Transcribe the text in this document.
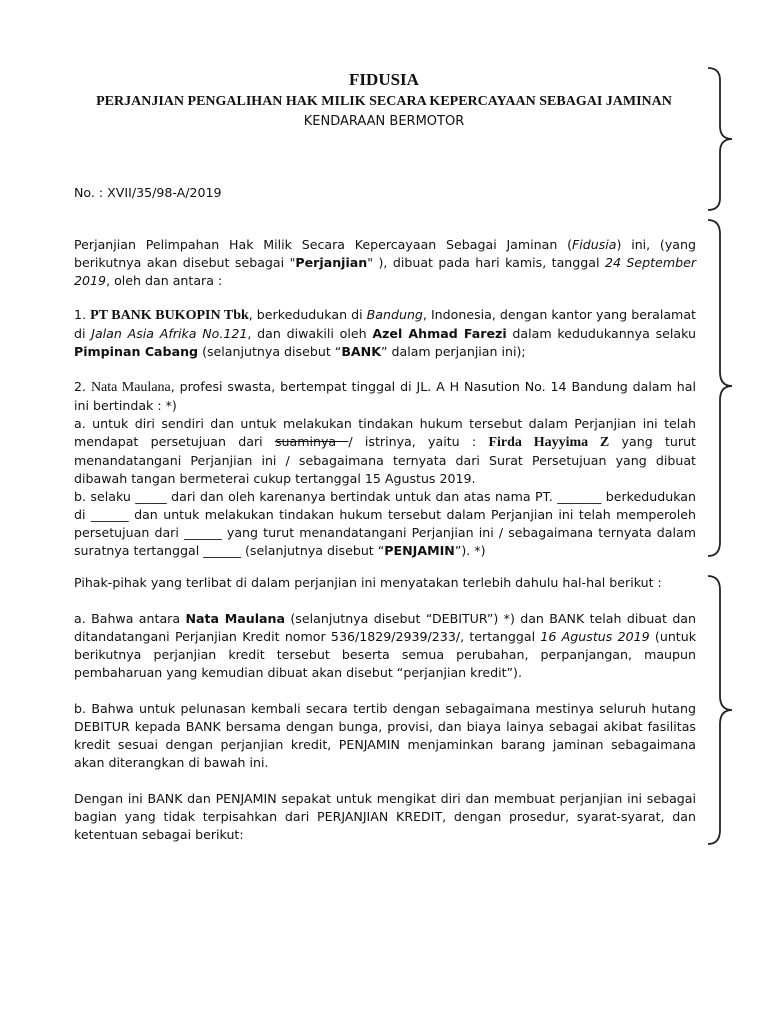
FIDUSIA
PERJANJIAN PENGALIHAN HAK MILIK SECARA KEPERCAYAAN SEBAGAI JAMINAN
KENDARAAN BERMOTOR
No. : XVII/35/98-A/2019
Perjanjian Pelimpahan Hak Milik Secara Kepercayaan Sebagai Jaminan (Fidusia) ini, (yang berikutnya akan disebut sebagai "Perjanjian" ), dibuat pada hari kamis, tanggal 24 September 2019, oleh dan antara :
1. PT BANK BUKOPIN Tbk, berkedudukan di Bandung, Indonesia, dengan kantor yang beralamat di Jalan Asia Afrika No.121, dan diwakili oleh Azel Ahmad Farezi dalam kedudukannya selaku Pimpinan Cabang (selanjutnya disebut “BANK” dalam perjanjian ini);
2. Nata Maulana, profesi swasta, bertempat tinggal di JL. A H Nasution No. 14 Bandung dalam hal ini bertindak : *)
a. untuk diri sendiri dan untuk melakukan tindakan hukum tersebut dalam Perjanjian ini telah mendapat persetujuan dari suaminya / istrinya, yaitu : Firda Hayyima Z yang turut menandatangani Perjanjian ini / sebagaimana ternyata dari Surat Persetujuan yang dibuat dibawah tangan bermeterai cukup tertanggal 15 Agustus 2019.
b. selaku _____ dari dan oleh karenanya bertindak untuk dan atas nama PT. _______ berkedudukan di ______ dan untuk melakukan tindakan hukum tersebut dalam Perjanjian ini telah memperoleh persetujuan dari ______ yang turut menandatangani Perjanjian ini / sebagaimana ternyata dalam suratnya tertanggal ______ (selanjutnya disebut “PENJAMIN”). *)
Pihak-pihak yang terlibat di dalam perjanjian ini menyatakan terlebih dahulu hal-hal berikut :
a. Bahwa antara Nata Maulana (selanjutnya disebut “DEBITUR”) *) dan BANK telah dibuat dan ditandatangani Perjanjian Kredit nomor 536/1829/2939/233/, tertanggal 16 Agustus 2019 (untuk berikutnya perjanjian kredit tersebut beserta semua perubahan, perpanjangan, maupun pembaharuan yang kemudian dibuat akan disebut “perjanjian kredit”).
b. Bahwa untuk pelunasan kembali secara tertib dengan sebagaimana mestinya seluruh hutang DEBITUR kepada BANK bersama dengan bunga, provisi, dan biaya lainya sebagai akibat fasilitas kredit sesuai dengan perjanjian kredit, PENJAMIN menjaminkan barang jaminan sebagaimana akan diterangkan di bawah ini.
Dengan ini BANK dan PENJAMIN sepakat untuk mengikat diri dan membuat perjanjian ini sebagai bagian yang tidak terpisahkan dari PERJANJIAN KREDIT, dengan prosedur, syarat-syarat, dan ketentuan sebagai berikut:
